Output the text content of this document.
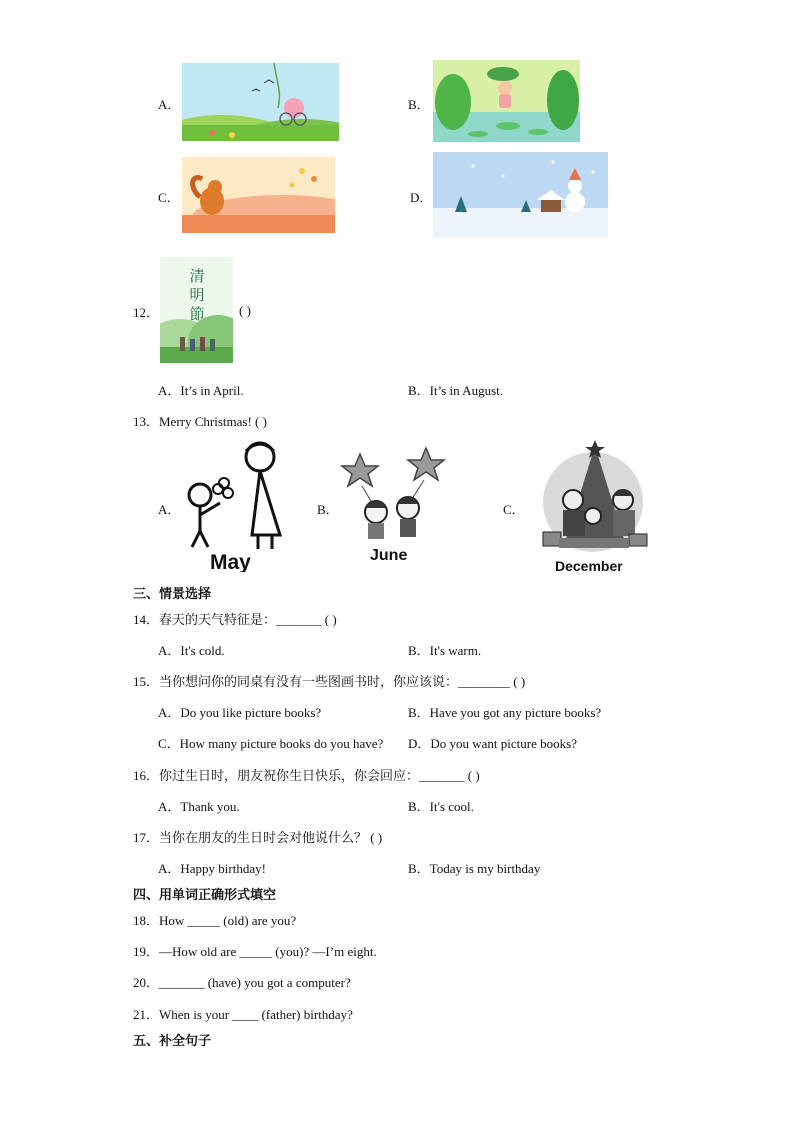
A．	B．
C．	D．
12．
清明節	( )
A．It’s in April.	B．It’s in August.
13．Merry Christmas! ( )
A．
May
B．
June
C．
December
三、情景选择
14．春天的天气特征是：_______ ( )
A．It's cold.	B．It's warm.
15．当你想问你的同桌有没有一些图画书时，你应该说：________ ( )
A．Do you like picture books?	B．Have you got any picture books?
C．How many picture books do you have? D．Do you want picture books?
16．你过生日时，朋友祝你生日快乐，你会回应：_______ ( )
A．Thank you.	B．It's cool.
17．当你在朋友的生日时会对他说什么？ ( )
A．Happy birthday!	B．Today is my birthday
四、用单词正确形式填空
18．How _____ (old) are you?
19．—How old are _____ (you)? —I’m eight.
20．_______ (have) you got a computer?
21．When is your ____ (father) birthday?
五、补全句子
